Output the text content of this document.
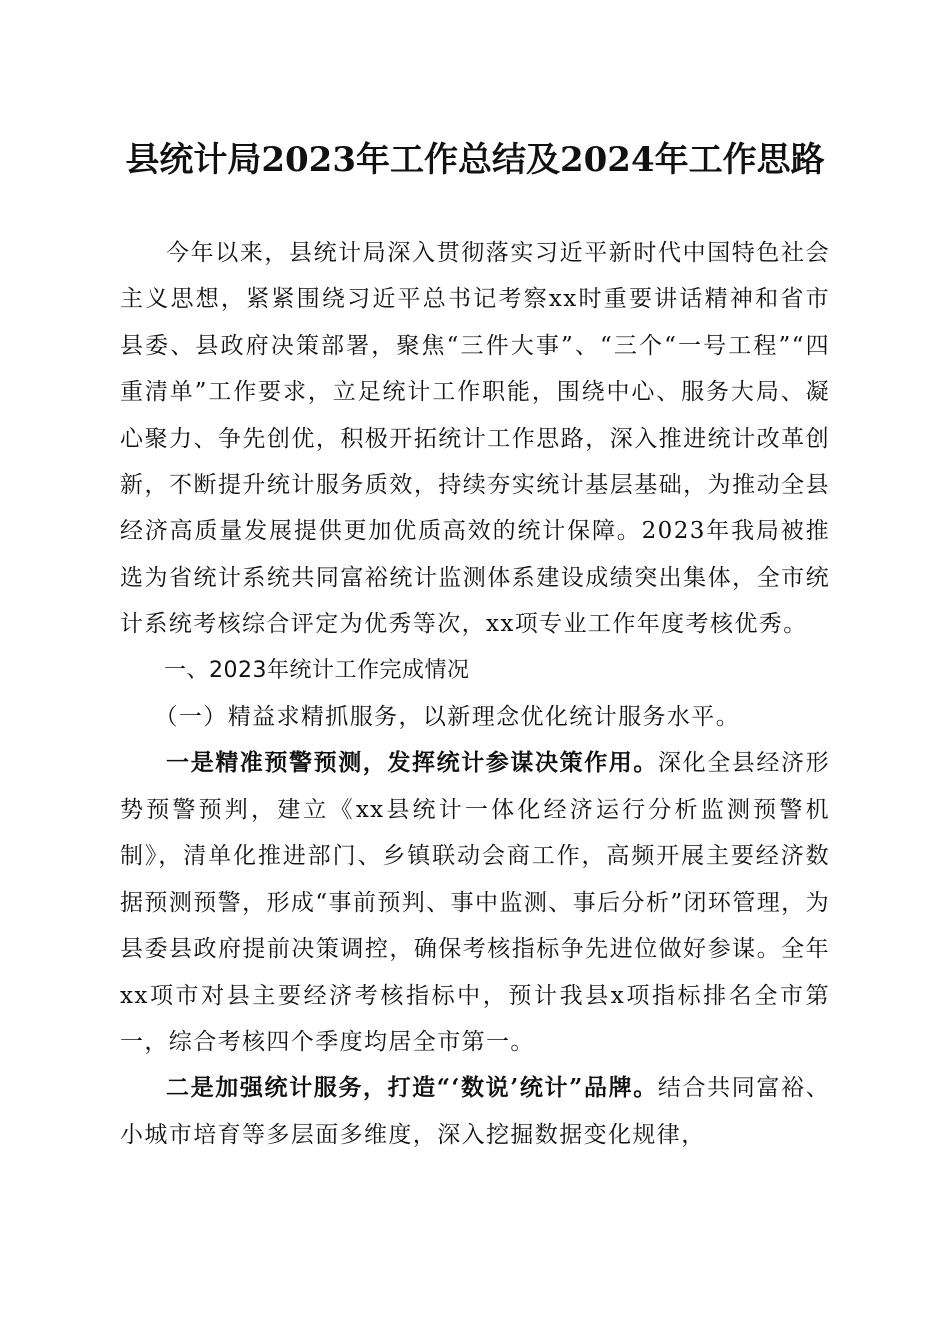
县统计局2023年工作总结及2024年工作思路

今年以来，县统计局深入贯彻落实习近平新时代中国特色社会主义思想，紧紧围绕习近平总书记考察xx时重要讲话精神和省市县委、县政府决策部署，聚焦“三件大事”、“三个“一号工程”“四重清单”工作要求，立足统计工作职能，围绕中心、服务大局、凝心聚力、争先创优，积极开拓统计工作思路，深入推进统计改革创新，不断提升统计服务质效，持续夯实统计基层基础，为推动全县经济高质量发展提供更加优质高效的统计保障。2023年我局被推选为省统计系统共同富裕统计监测体系建设成绩突出集体，全市统计系统考核综合评定为优秀等次，xx项专业工作年度考核优秀。

一、2023年统计工作完成情况

（一）精益求精抓服务，以新理念优化统计服务水平。

一是精准预警预测，发挥统计参谋决策作用。深化全县经济形势预警预判，建立《xx县统计一体化经济运行分析监测预警机制》，清单化推进部门、乡镇联动会商工作，高频开展主要经济数据预测预警，形成“事前预判、事中监测、事后分析”闭环管理，为县委县政府提前决策调控，确保考核指标争先进位做好参谋。全年xx项市对县主要经济考核指标中，预计我县x项指标排名全市第一，综合考核四个季度均居全市第一。

二是加强统计服务，打造“‘数说’统计”品牌。结合共同富裕、小城市培育等多层面多维度，深入挖掘数据变化规律，
